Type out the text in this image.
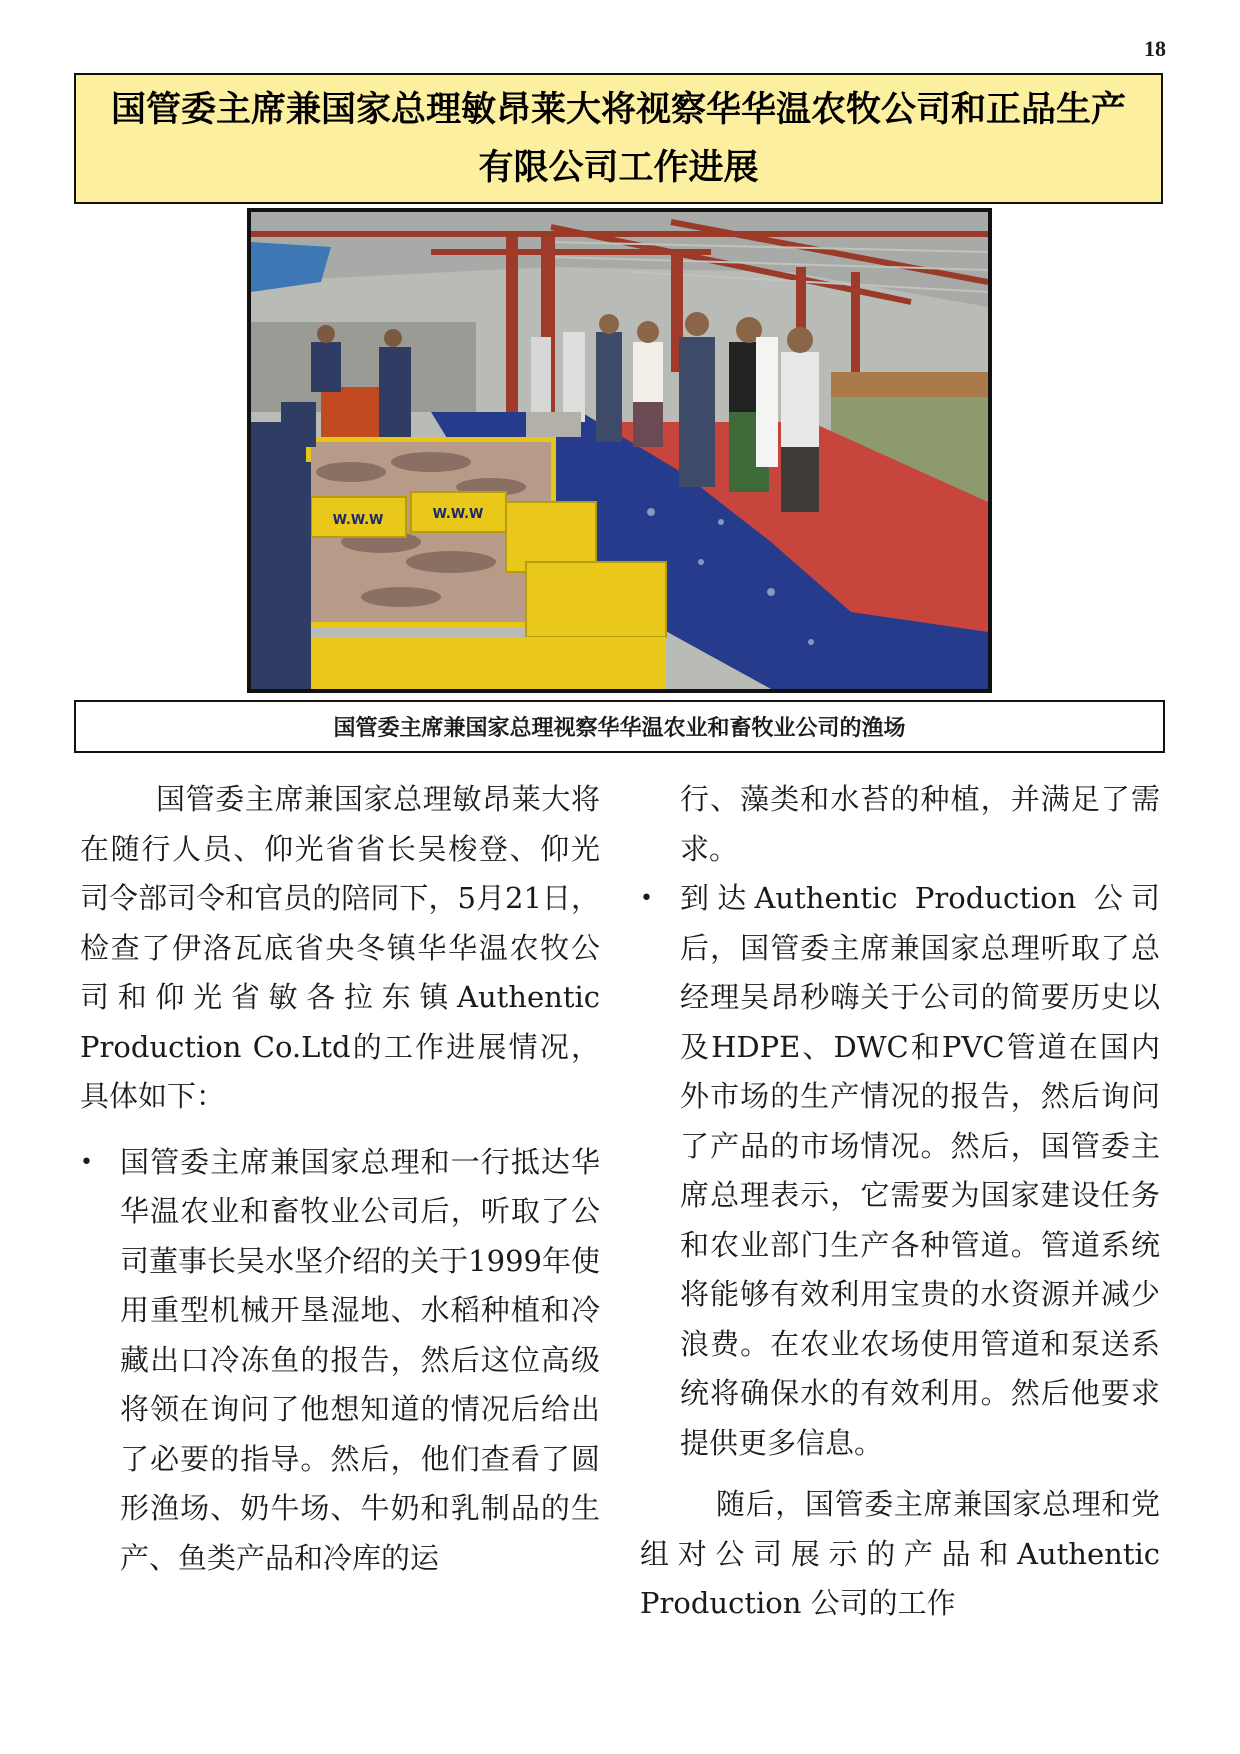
18
国管委主席兼国家总理敏昂莱大将视察华华温农牧公司和正品生产有限公司工作进展
W.W.W	W.W.W
国管委主席兼国家总理视察华华温农业和畜牧业公司的渔场

国管委主席兼国家总理敏昂莱大将在随行人员、仰光省省长吴梭登、仰光司令部司令和官员的陪同下，5月21日，检查了伊洛瓦底省央冬镇华华温农牧公司和仰光省敏各拉东镇Authentic Production Co.Ltd的工作进展情况，具体如下：

• 国管委主席兼国家总理和一行抵达华华温农业和畜牧业公司后，听取了公司董事长吴水坚介绍的关于1999年使用重型机械开垦湿地、水稻种植和冷藏出口冷冻鱼的报告，然后这位高级将领在询问了他想知道的情况后给出了必要的指导。然后，他们查看了圆形渔场、奶牛场、牛奶和乳制品的生产、鱼类产品和冷库的运

行、藻类和水苔的种植，并满足了需求。

• 到达Authentic Production 公司后，国管委主席兼国家总理听取了总经理吴昂秒嗨关于公司的简要历史以及HDPE、DWC和PVC管道在国内外市场的生产情况的报告，然后询问了产品的市场情况。然后，国管委主席总理表示，它需要为国家建设任务和农业部门生产各种管道。管道系统将能够有效利用宝贵的水资源并减少浪费。在农业农场使用管道和泵送系统将确保水的有效利用。然后他要求提供更多信息。

随后，国管委主席兼国家总理和党组对公司展示的产品和Authentic Production 公司的工作
